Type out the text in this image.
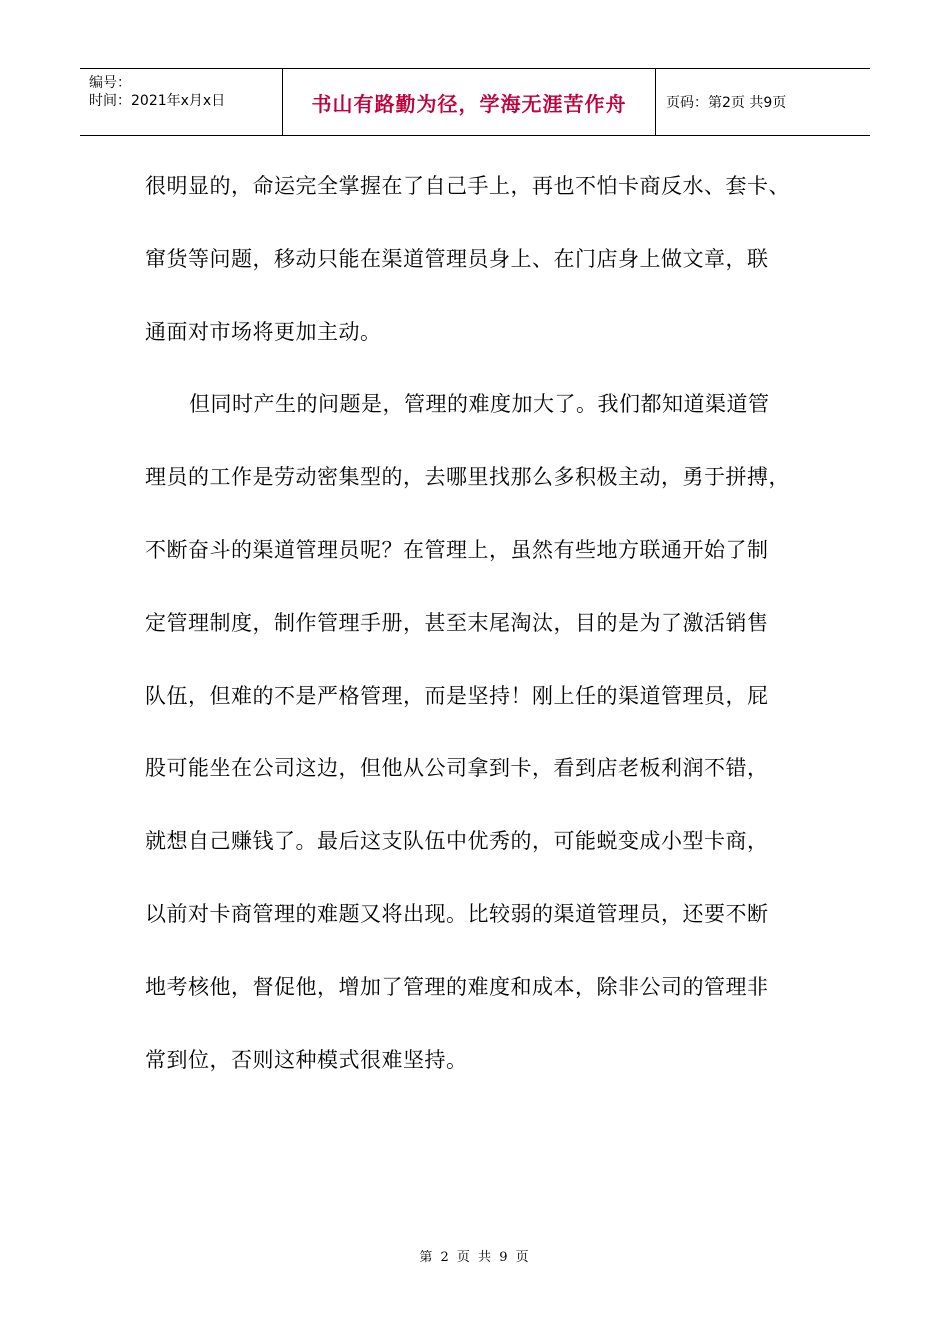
编号：
时间：2021年x月x日	书山有路勤为径，学海无涯苦作舟	页码：第2页 共9页
很明显的，命运完全掌握在了自己手上，再也不怕卡商反水、套卡、
窜货等问题，移动只能在渠道管理员身上、在门店身上做文章，联
通面对市场将更加主动。
但同时产生的问题是，管理的难度加大了。我们都知道渠道管
理员的工作是劳动密集型的，去哪里找那么多积极主动，勇于拼搏，
不断奋斗的渠道管理员呢？在管理上，虽然有些地方联通开始了制
定管理制度，制作管理手册，甚至末尾淘汰，目的是为了激活销售
队伍，但难的不是严格管理，而是坚持！刚上任的渠道管理员，屁
股可能坐在公司这边，但他从公司拿到卡，看到店老板利润不错，
就想自己赚钱了。最后这支队伍中优秀的，可能蜕变成小型卡商，
以前对卡商管理的难题又将出现。比较弱的渠道管理员，还要不断
地考核他，督促他，增加了管理的难度和成本，除非公司的管理非
常到位，否则这种模式很难坚持。
第 2 页 共 9 页
